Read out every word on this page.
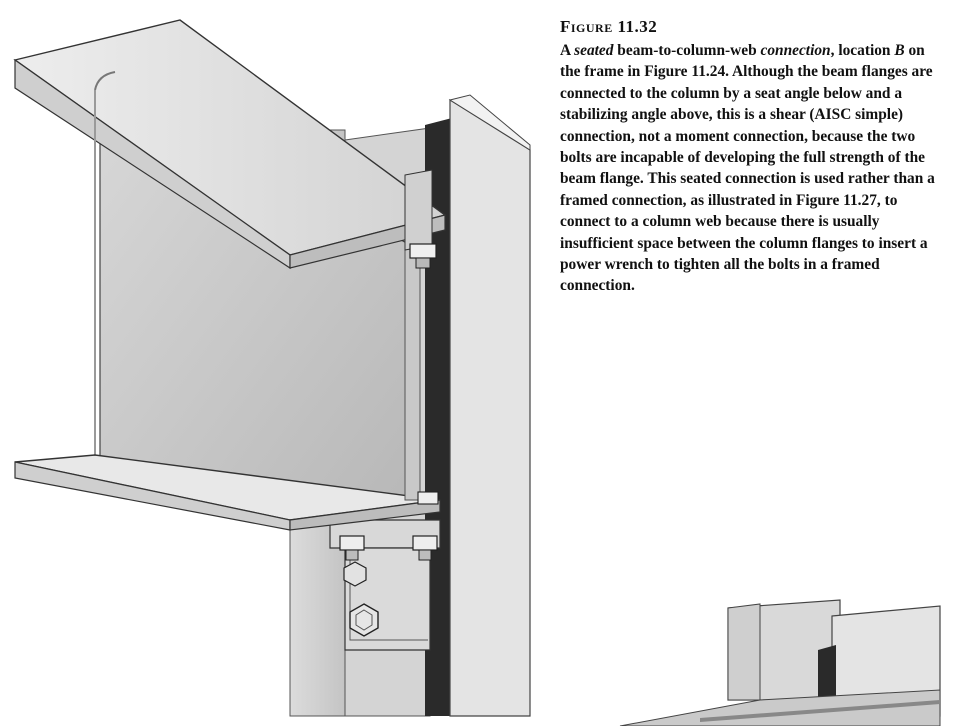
Figure 11.32

A seated beam-to-column-web connection, location B on the frame in Figure 11.24. Although the beam flanges are connected to the column by a seat angle below and a stabilizing angle above, this is a shear (AISC simple) connection, not a moment connection, because the two bolts are incapable of developing the full strength of the beam flange. This seated connection is used rather than a framed connection, as illustrated in Figure 11.27, to connect to a column web because there is usually insufficient space between the column flanges to insert a power wrench to tighten all the bolts in a framed connection.
